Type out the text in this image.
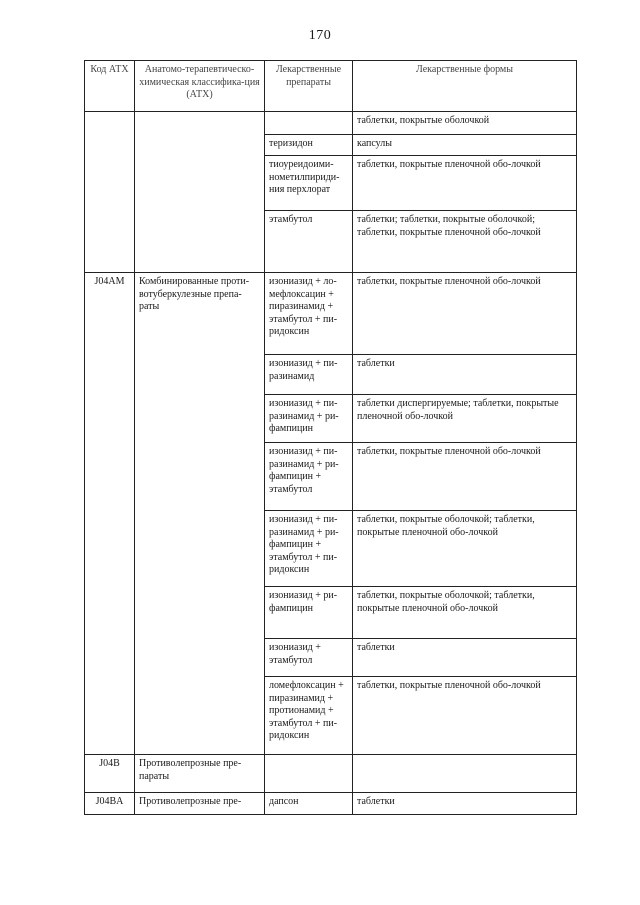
170
Код АТХ	Анатомо-терапевтическо-химическая классифика-ция (АТХ)	Лекарственные препараты	Лекарственные формы
			таблетки, покрытые оболочкой
		теризидон	капсулы
		тиоуреидоими-нометилпириди-ния перхлорат	таблетки, покрытые пленочной обо-лочкой
		этамбутол	таблетки; таблетки, покрытые оболочкой; таблетки, покрытые пленочной обо-лочкой
J04AM	Комбинированные проти-вотуберкулезные препа-раты	изониазид + ло-мефлоксацин + пиразинамид + этамбутол + пи-ридоксин	таблетки, покрытые пленочной обо-лочкой
		изониазид + пи-разинамид	таблетки
		изониазид + пи-разинамид + ри-фампицин	таблетки диспергируемые; таблетки, покрытые пленочной обо-лочкой
		изониазид + пи-разинамид + ри-фампицин + этамбутол	таблетки, покрытые пленочной обо-лочкой
		изониазид + пи-разинамид + ри-фампицин + этамбутол + пи-ридоксин	таблетки, покрытые оболочкой; таблетки, покрытые пленочной обо-лочкой
		изониазид + ри-фампицин	таблетки, покрытые оболочкой; таблетки, покрытые пленочной обо-лочкой
		изониазид + этамбутол	таблетки
		ломефлоксацин + пиразинамид + протионамид + этамбутол + пи-ридоксин	таблетки, покрытые пленочной обо-лочкой
J04B	Противолепрозные пре-параты		
J04BA	Противолепрозные пре-	дапсон	таблетки
